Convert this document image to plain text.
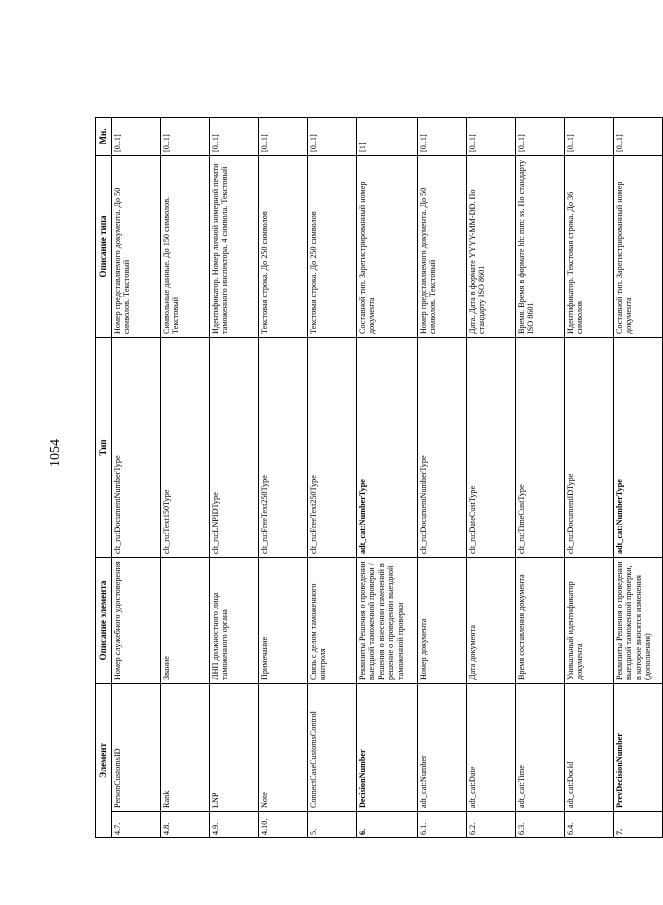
1054
Элемент		Описание элемента	Тип	Описание типа	Мн.
4.7.	PersonCustomsID	Номер служебного удостоверения	clt_ru:DocumentNumberType	Номер представляемого документа. До 50 символов. Текстовый	[0..1]
4.8.	Rank	Звание	clt_ru:Text150Type	Символьные данные. До 150 символов. Текстовый	[0..1]
4.9.	LNP	ЛНП должностного лица таможенного органа	clt_ru:LNPIDType	Идентификатор. Номер личной номерной печати таможенного инспектора. 4 символа. Текстовый	[0..1]
4.10.	Note	Примечание	clt_ru:FreeText250Type	Текстовая строка. До 250 символов	[0..1]
5.	ConnectCaseCustomsControl	Связь с делом таможенного контроля	clt_ru:FreeText250Type	Текстовая строка. До 250 символов	[0..1]
6.	DecisionNumber	Реквизиты Решения о проведении выездной таможенной проверки / Решения о внесении изменений в решение о проведении выездной таможенной проверки	adt_cat:NumberType	Составной тип. Зарегистрированный номер документа	[1]
6.1.	adt_cat:Number	Номер документа	clt_ru:DocumentNumberType	Номер представляемого документа. До 50 символов. Текстовый	[0..1]
6.2.	adt_cat:Date	Дата документа	clt_ru:DateCustType	Дата. Дата в формате YYYY-MM-DD. По стандарту ISO 8601	[0..1]
6.3.	adt_cat:Time	Время составления документа	clt_ru:TimeCustType	Время. Время в формате hh: mm: ss. По стандарту ISO 8601	[0..1]
6.4.	adt_cat:DocId	Уникальный идентификатор документа	clt_ru:DocumentIDType	Идентификатор. Текстовая строка. До 36 символов	[0..1]
7.	PrevDecisionNumber	Реквизиты Решения о проведении выездной таможенной проверки, в которое вносятся изменения (дополнения)	adt_cat:NumberType	Составной тип. Зарегистрированный номер документа	[0..1]
